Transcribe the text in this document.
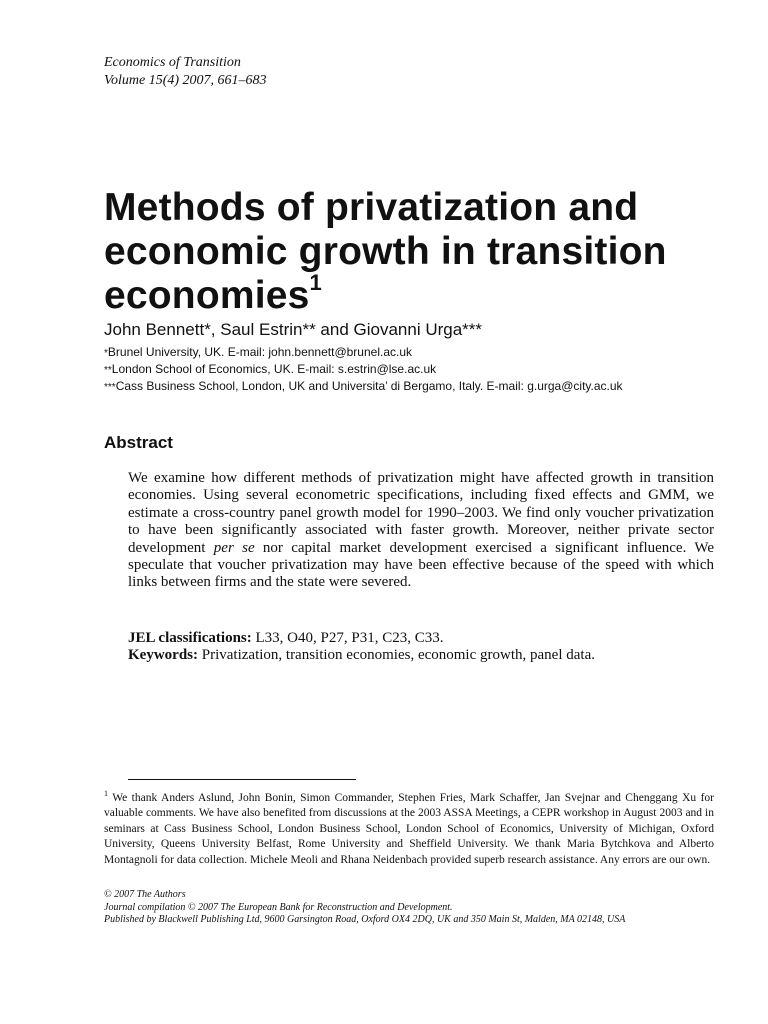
Economics of Transition
Volume 15(4) 2007, 661–683
Methods of privatization and economic growth in transition economies$^1$
John Bennett*, Saul Estrin** and Giovanni Urga***
*Brunel University, UK. E-mail: john.bennett@brunel.ac.uk
**London School of Economics, UK. E-mail: s.estrin@lse.ac.uk
***Cass Business School, London, UK and Universita’ di Bergamo, Italy. E-mail: g.urga@city.ac.uk
Abstract

We examine how different methods of privatization might have affected growth in transition economies. Using several econometric specifications, including fixed effects and GMM, we estimate a cross-country panel growth model for 1990–2003. We find only voucher privatization to have been significantly associated with faster growth. Moreover, neither private sector development per se nor capital market development exercised a significant influence. We speculate that voucher privatization may have been effective because of the speed with which links between firms and the state were severed.

JEL classifications: L33, O40, P27, P31, C23, C33.
Keywords: Privatization, transition economies, economic growth, panel data.

$^1$ We thank Anders Aslund, John Bonin, Simon Commander, Stephen Fries, Mark Schaffer, Jan Svejnar and Chenggang Xu for valuable comments. We have also benefited from discussions at the 2003 ASSA Meetings, a CEPR workshop in August 2003 and in seminars at Cass Business School, London Business School, London School of Economics, University of Michigan, Oxford University, Queens University Belfast, Rome University and Sheffield University. We thank Maria Bytchkova and Alberto Montagnoli for data collection. Michele Meoli and Rhana Neidenbach provided superb research assistance. Any errors are our own.

© 2007 The Authors
Journal compilation © 2007 The European Bank for Reconstruction and Development.
Published by Blackwell Publishing Ltd, 9600 Garsington Road, Oxford OX4 2DQ, UK and 350 Main St, Malden, MA 02148, USA
